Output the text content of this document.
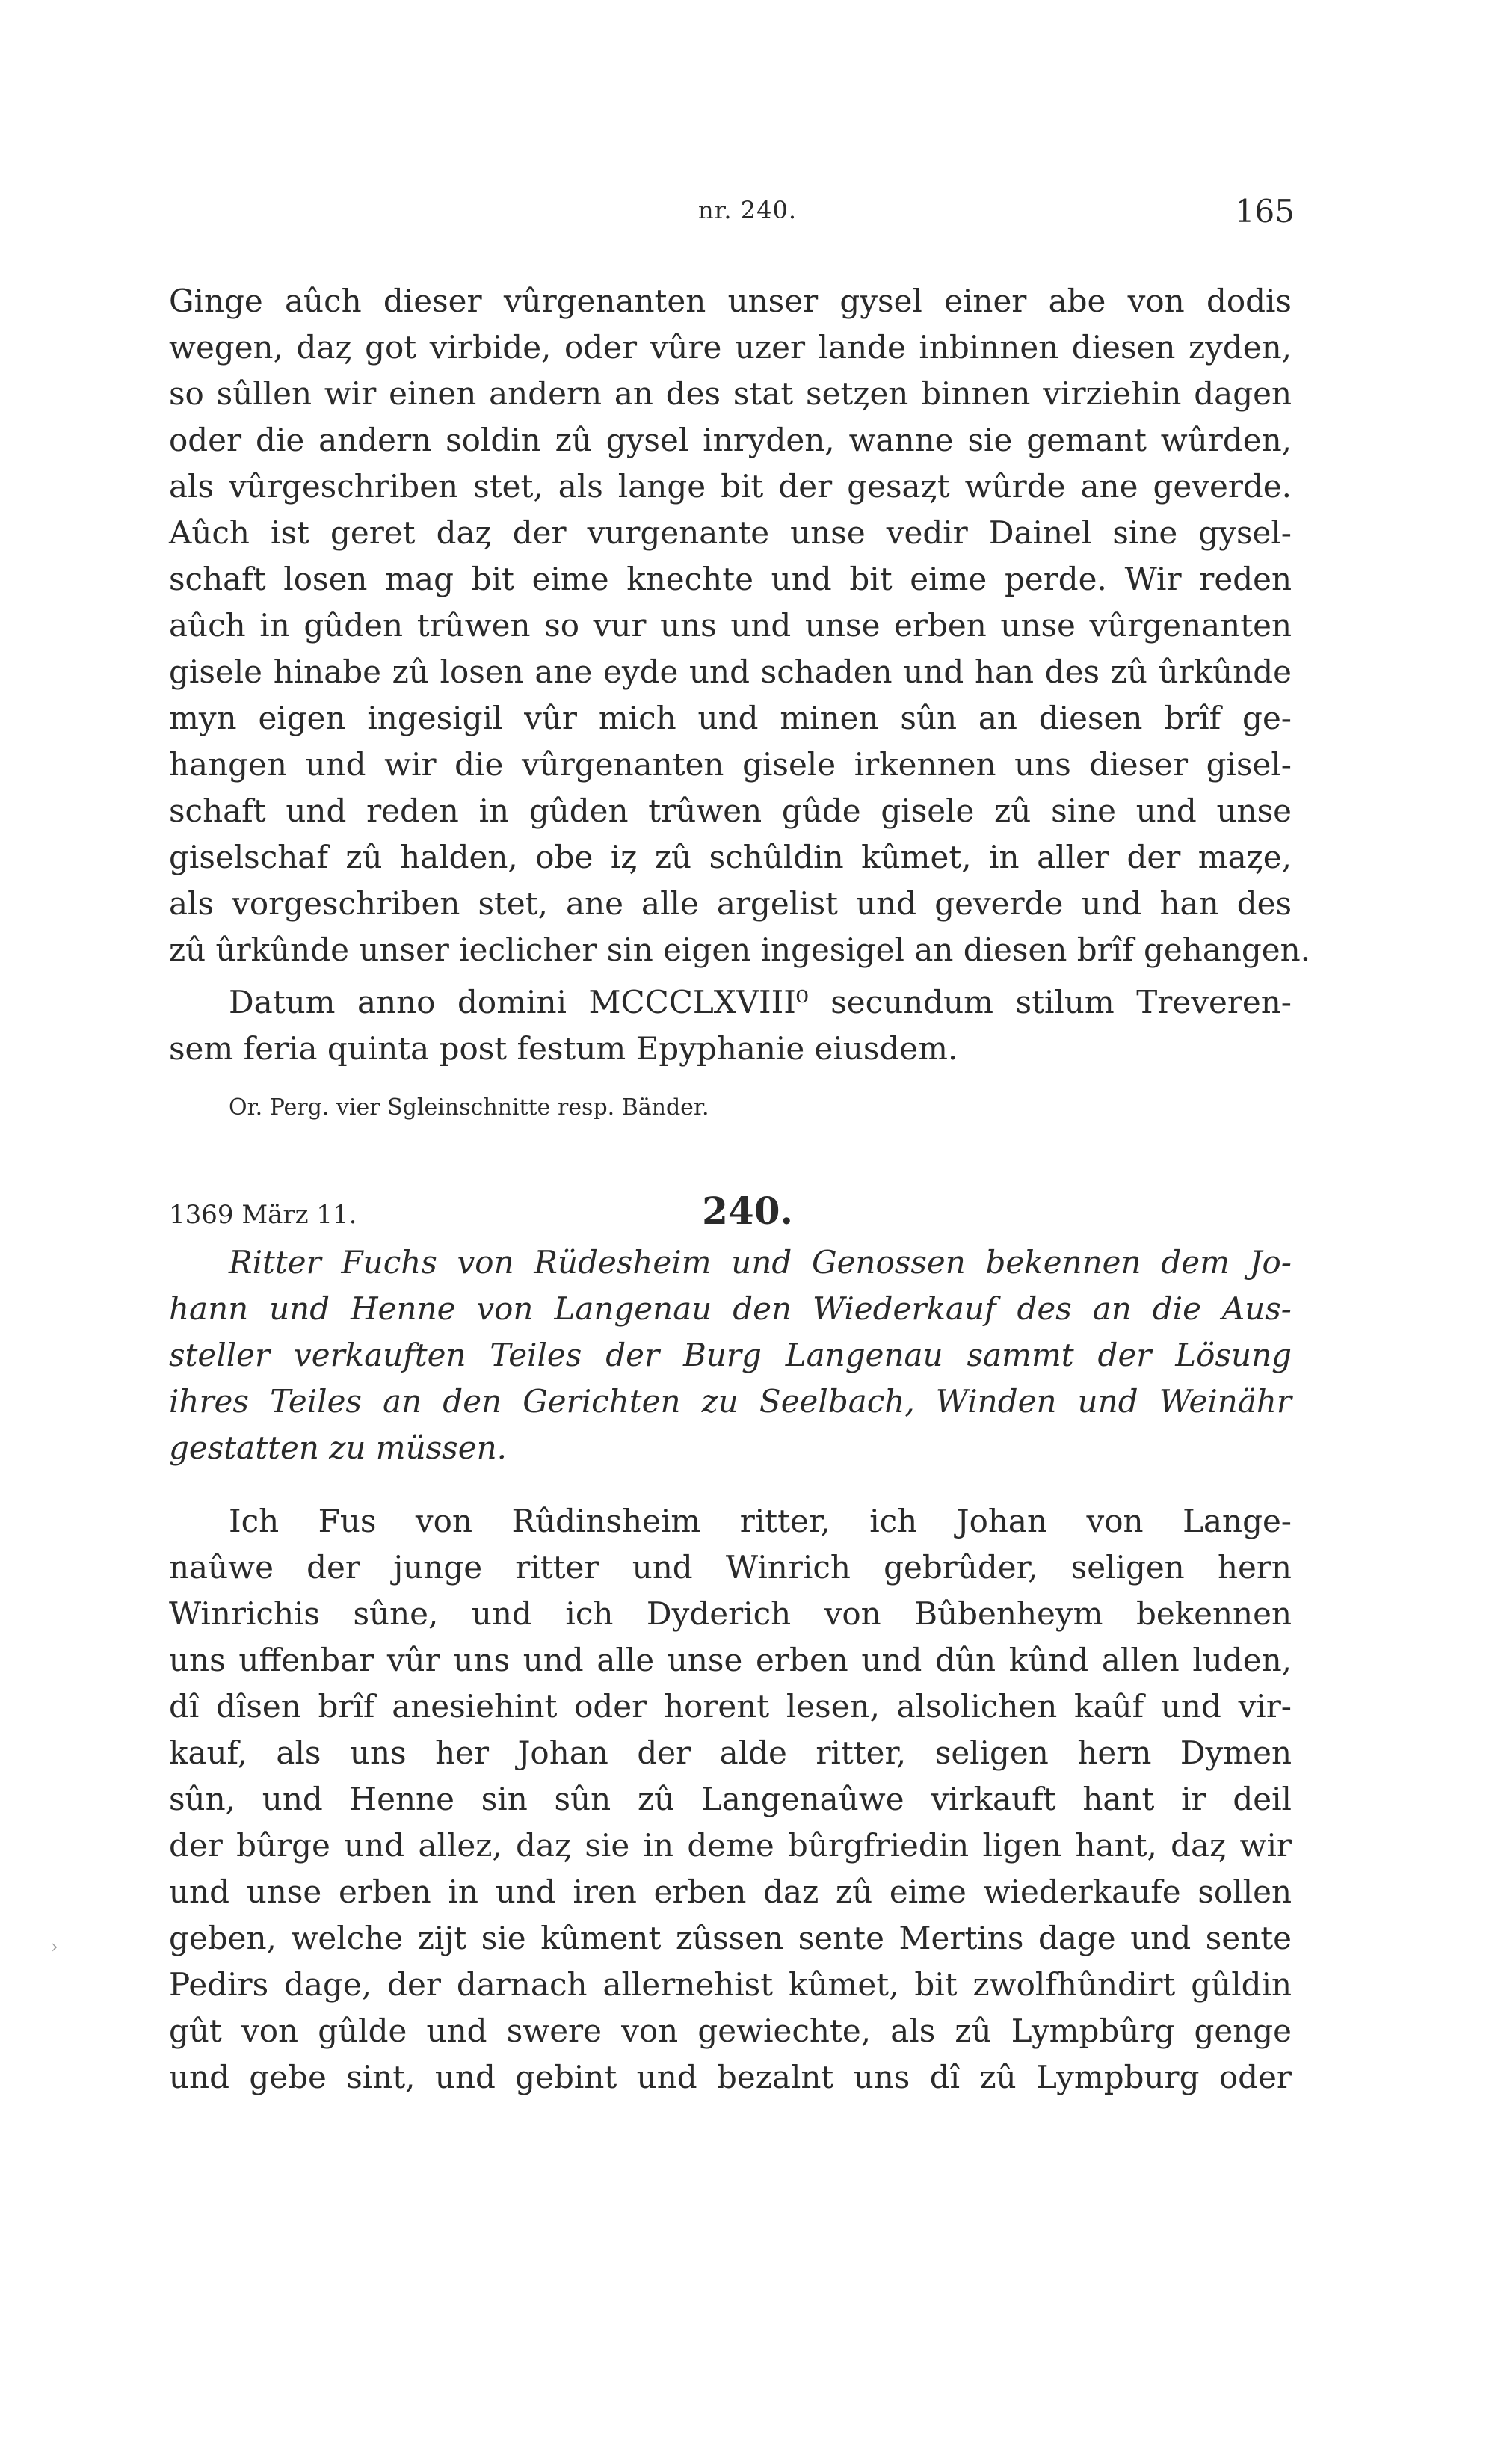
nr. 240.	165
Ginge aûch dieser vûrgenanten unser gysel einer abe von dodis
wegen, daȥ got virbide, oder vûre uzer lande inbinnen diesen zyden,
so sûllen wir einen andern an des stat setȥen binnen virziehin dagen
oder die andern soldin zû gysel inryden, wanne sie gemant wûrden,
als vûrgeschriben stet, als lange bit der gesaȥt wûrde ane geverde.
Aûch ist geret daȥ der vurgenante unse vedir Dainel sine gysel-
schaft losen mag bit eime knechte und bit eime perde. Wir reden
aûch in gûden trûwen so vur uns und unse erben unse vûrgenanten
gisele hinabe zû losen ane eyde und schaden und han des zû ûrkûnde
myn eigen ingesigil vûr mich und minen sûn an diesen brîf ge-
hangen und wir die vûrgenanten gisele irkennen uns dieser gisel-
schaft und reden in gûden trûwen gûde gisele zû sine und unse
giselschaf zû halden, obe iȥ zû schûldin kûmet, in aller der maȥe,
als vorgeschriben stet, ane alle argelist und geverde und han des
zû ûrkûnde unser ieclicher sin eigen ingesigel an diesen brîf gehangen.
Datum anno domini MCCCLXVIII⁰ secundum stilum Treveren-
sem feria quinta post festum Epyphanie eiusdem.
Or. Perg. vier Sgleinschnitte resp. Bänder.
1369 März 11.	240.
Ritter Fuchs von Rüdesheim und Genossen bekennen dem Jo-
hann und Henne von Langenau den Wiederkauf des an die Aus-
steller verkauften Teiles der Burg Langenau sammt der Lösung
ihres Teiles an den Gerichten zu Seelbach, Winden und Weinähr
gestatten zu müssen.
Ich Fus von Rûdinsheim ritter, ich Johan von Lange-
naûwe der junge ritter und Winrich gebrûder, seligen hern
Winrichis sûne, und ich Dyderich von Bûbenheym bekennen
uns uffenbar vûr uns und alle unse erben und dûn kûnd allen luden,
dî dîsen brîf anesiehint oder horent lesen, alsolichen kaûf und vir-
kauf, als uns her Johan der alde ritter, seligen hern Dymen
sûn, und Henne sin sûn zû Langenaûwe virkauft hant ir deil
der bûrge und allez, daȥ sie in deme bûrgfriedin ligen hant, daȥ wir
und unse erben in und iren erben daz zû eime wiederkaufe sollen
geben, welche zijt sie kûment zûssen sente Mertins dage und sente
Pedirs dage, der darnach allernehist kûmet, bit zwolfhûndirt gûldin
gût von gûlde und swere von gewiechte, als zû Lympbûrg genge
und gebe sint, und gebint und bezalnt uns dî zû Lympburg oder
›
